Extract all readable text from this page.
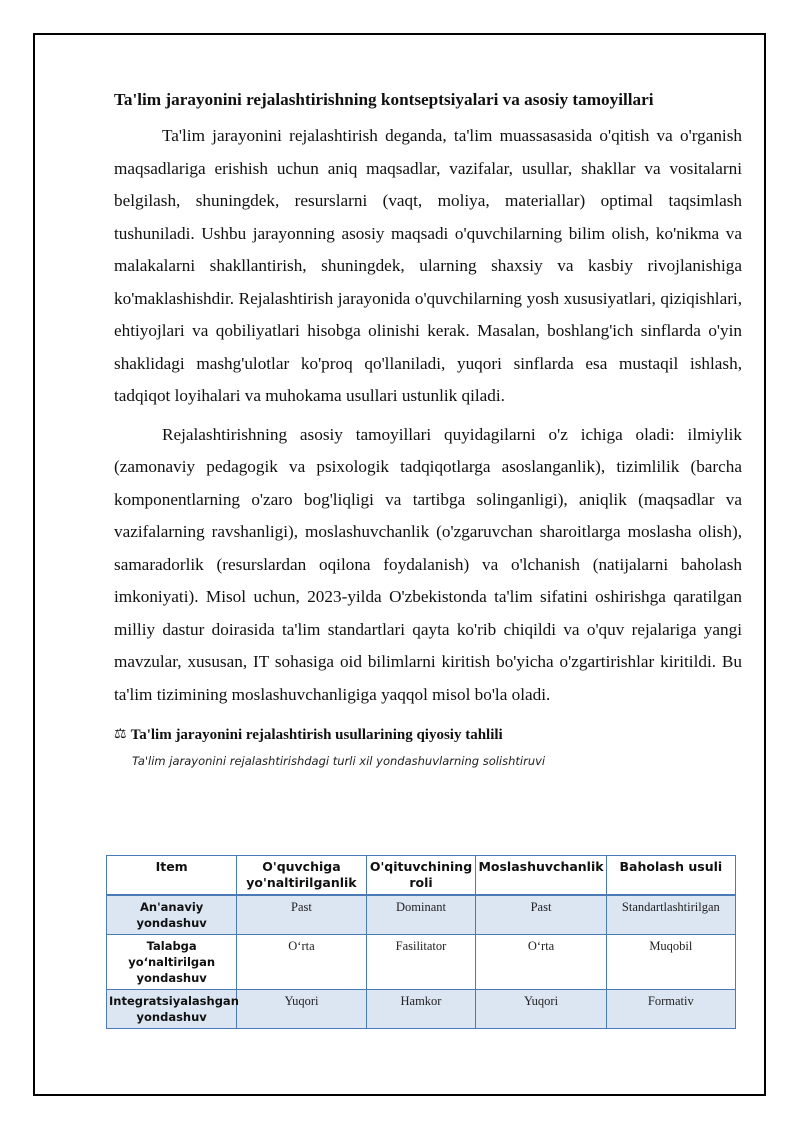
Ta'lim jarayonini rejalashtirishning kontseptsiyalari va asosiy tamoyillari

Ta'lim jarayonini rejalashtirish deganda, ta'lim muassasasida o'qitish va o'rganish maqsadlariga erishish uchun aniq maqsadlar, vazifalar, usullar, shakllar va vositalarni belgilash, shuningdek, resurslarni (vaqt, moliya, materiallar) optimal taqsimlash tushuniladi. Ushbu jarayonning asosiy maqsadi o'quvchilarning bilim olish, ko'nikma va malakalarni shakllantirish, shuningdek, ularning shaxsiy va kasbiy rivojlanishiga ko'maklashishdir. Rejalashtirish jarayonida o'quvchilarning yosh xususiyatlari, qiziqishlari, ehtiyojlari va qobiliyatlari hisobga olinishi kerak. Masalan, boshlang'ich sinflarda o'yin shaklidagi mashg'ulotlar ko'proq qo'llaniladi, yuqori sinflarda esa mustaqil ishlash, tadqiqot loyihalari va muhokama usullari ustunlik qiladi.

Rejalashtirishning asosiy tamoyillari quyidagilarni o'z ichiga oladi: ilmiylik (zamonaviy pedagogik va psixologik tadqiqotlarga asoslanganlik), tizimlilik (barcha komponentlarning o'zaro bog'liqligi va tartibga solinganligi), aniqlik (maqsadlar va vazifalarning ravshanligi), moslashuvchanlik (o'zgaruvchan sharoitlarga moslasha olish), samaradorlik (resurslardan oqilona foydalanish) va o'lchanish (natijalarni baholash imkoniyati). Misol uchun, 2023-yilda O'zbekistonda ta'lim sifatini oshirishga qaratilgan milliy dastur doirasida ta'lim standartlari qayta ko'rib chiqildi va o'quv rejalariga yangi mavzular, xususan, IT sohasiga oid bilimlarni kiritish bo'yicha o'zgartirishlar kiritildi. Bu ta'lim tizimining moslashuvchanligiga yaqqol misol bo'la oladi.

⚖ Ta'lim jarayonini rejalashtirish usullarining qiyosiy tahlili
Ta'lim jarayonini rejalashtirishdagi turli xil yondashuvlarning solishtiruvi
Item	O'quvchiga yo'naltirilganlik	O'qituvchining roli	Moslashuvchanlik	Baholash usuli
An'anaviy yondashuv	Past	Dominant	Past	Standartlashtirilgan
Talabga yo‘naltirilgan yondashuv	O‘rta	Fasilitator	O‘rta	Muqobil
Integratsiyalashgan yondashuv	Yuqori	Hamkor	Yuqori	Formativ
